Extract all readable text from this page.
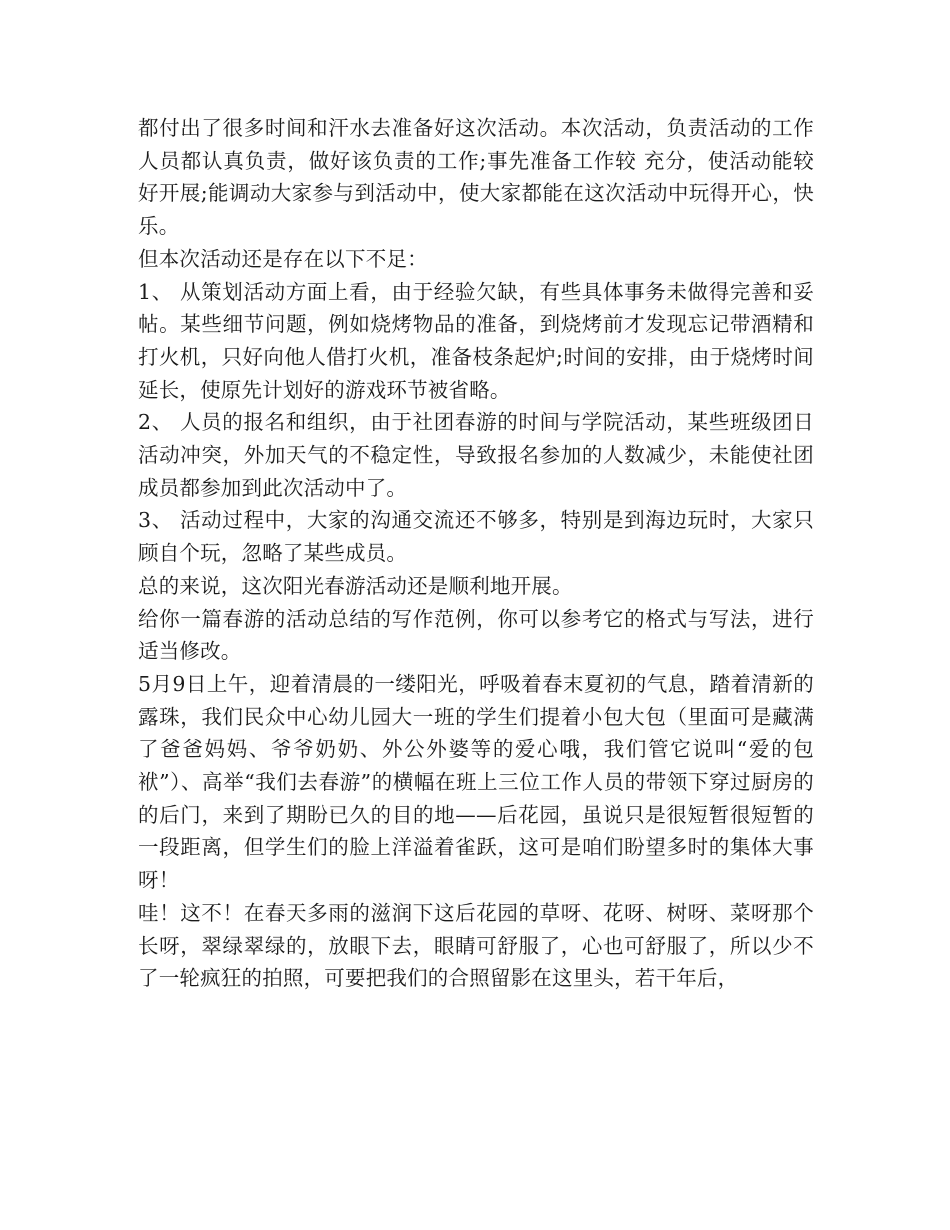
都付出了很多时间和汗水去准备好这次活动。本次活动，负责活动的工作人员都认真负责，做好该负责的工作;事先准备工作较 充分，使活动能较好开展;能调动大家参与到活动中，使大家都能在这次活动中玩得开心，快乐。

但本次活动还是存在以下不足：

1、 从策划活动方面上看，由于经验欠缺，有些具体事务未做得完善和妥帖。某些细节问题，例如烧烤物品的准备，到烧烤前才发现忘记带酒精和打火机，只好向他人借打火机，准备枝条起炉;时间的安排，由于烧烤时间延长，使原先计划好的游戏环节被省略。

2、 人员的报名和组织，由于社团春游的时间与学院活动，某些班级团日活动冲突，外加天气的不稳定性，导致报名参加的人数减少，未能使社团成员都参加到此次活动中了。

3、 活动过程中，大家的沟通交流还不够多，特别是到海边玩时，大家只顾自个玩，忽略了某些成员。

总的来说，这次阳光春游活动还是顺利地开展。

给你一篇春游的活动总结的写作范例，你可以参考它的格式与写法，进行适当修改。

5月9日上午，迎着清晨的一缕阳光，呼吸着春末夏初的气息，踏着清新的露珠，我们民众中心幼儿园大一班的学生们提着小包大包（里面可是藏满了爸爸妈妈、爷爷奶奶、外公外婆等的爱心哦，我们管它说叫“爱的包袱”）、高举“我们去春游”的横幅在班上三位工作人员的带领下穿过厨房的的后门，来到了期盼已久的目的地——后花园，虽说只是很短暂很短暂的一段距离，但学生们的脸上洋溢着雀跃，这可是咱们盼望多时的集体大事呀！

哇！这不！在春天多雨的滋润下这后花园的草呀、花呀、树呀、菜呀那个长呀，翠绿翠绿的，放眼下去，眼睛可舒服了，心也可舒服了，所以少不了一轮疯狂的拍照，可要把我们的合照留影在这里头，若干年后，
